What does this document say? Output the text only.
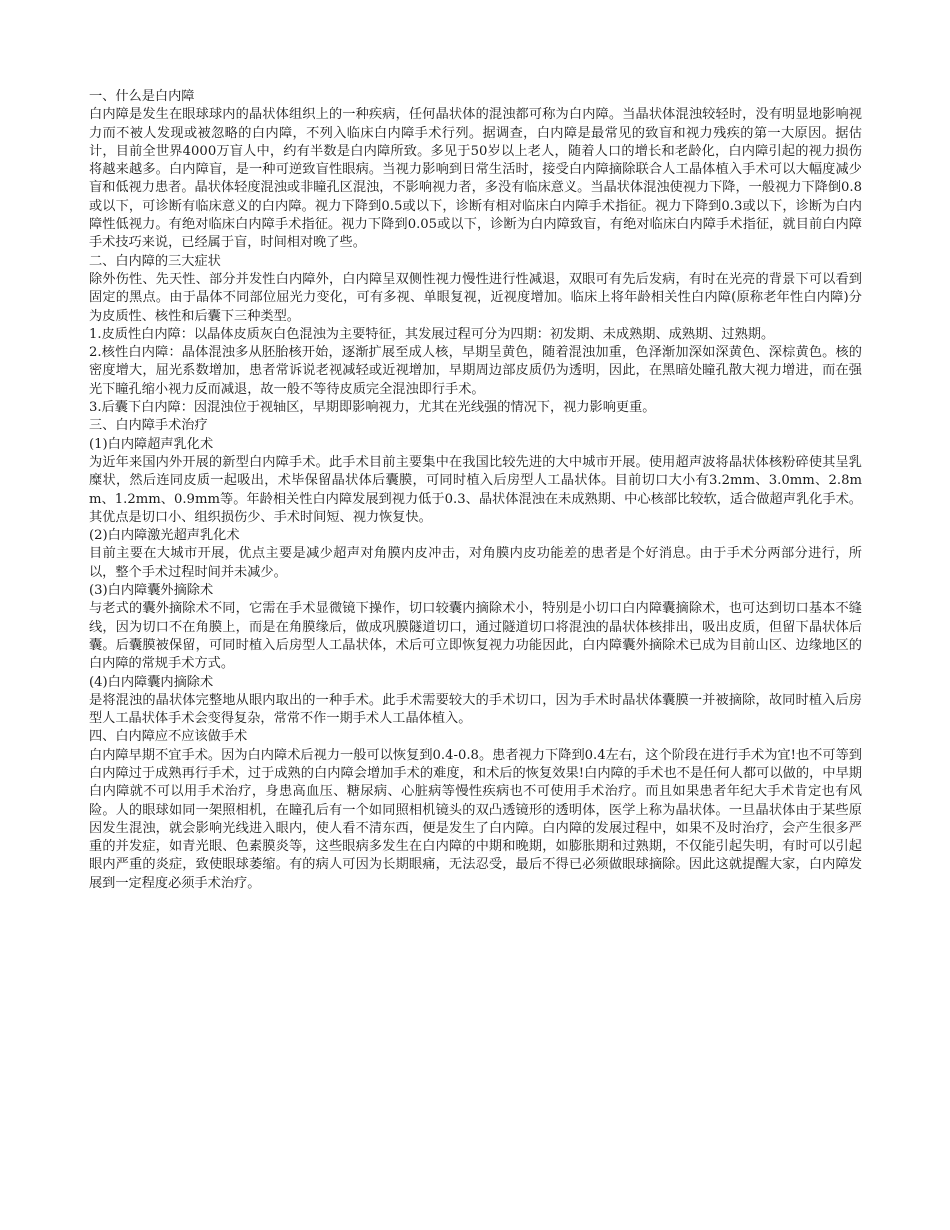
一、什么是白内障

白内障是发生在眼球球内的晶状体组织上的一种疾病，任何晶状体的混浊都可称为白内障。当晶状体混浊较轻时，没有明显地影响视力而不被人发现或被忽略的白内障，不列入临床白内障手术行列。据调查，白内障是最常见的致盲和视力残疾的第一大原因。据估计，目前全世界4000万盲人中，约有半数是白内障所致。多见于50岁以上老人，随着人口的增长和老龄化，白内障引起的视力损伤将越来越多。白内障盲，是一种可逆致盲性眼病。当视力影响到日常生活时，接受白内障摘除联合人工晶体植入手术可以大幅度减少盲和低视力患者。晶状体轻度混浊或非瞳孔区混浊，不影响视力者，多没有临床意义。当晶状体混浊使视力下降，一般视力下降倒0.8或以下，可诊断有临床意义的白内障。视力下降到0.5或以下，诊断有相对临床白内障手术指征。视力下降到0.3或以下，诊断为白内障性低视力。有绝对临床白内障手术指征。视力下降到0.05或以下，诊断为白内障致盲，有绝对临床白内障手术指征，就目前白内障手术技巧来说，已经属于盲，时间相对晚了些。

二、白内障的三大症状

除外伤性、先天性、部分并发性白内障外，白内障呈双侧性视力慢性进行性减退，双眼可有先后发病，有时在光亮的背景下可以看到固定的黑点。由于晶体不同部位屈光力变化，可有多视、单眼复视，近视度增加。临床上将年龄相关性白内障(原称老年性白内障)分为皮质性、核性和后囊下三种类型。

1.皮质性白内障：以晶体皮质灰白色混浊为主要特征，其发展过程可分为四期：初发期、未成熟期、成熟期、过熟期。

2.核性白内障：晶体混浊多从胚胎核开始，逐渐扩展至成人核，早期呈黄色，随着混浊加重，色泽渐加深如深黄色、深棕黄色。核的密度增大，屈光系数增加，患者常诉说老视减轻或近视增加，早期周边部皮质仍为透明，因此，在黑暗处瞳孔散大视力增进，而在强光下瞳孔缩小视力反而减退，故一般不等待皮质完全混浊即行手术。

3.后囊下白内障：因混浊位于视轴区，早期即影响视力，尤其在光线强的情况下，视力影响更重。

三、白内障手术治疗

(1)白内障超声乳化术

为近年来国内外开展的新型白内障手术。此手术目前主要集中在我国比较先进的大中城市开展。使用超声波将晶状体核粉碎使其呈乳糜状，然后连同皮质一起吸出，术毕保留晶状体后囊膜，可同时植入后房型人工晶状体。目前切口大小有3.2mm、3.0mm、2.8mm、1.2mm、0.9mm等。年龄相关性白内障发展到视力低于0.3、晶状体混浊在未成熟期、中心核部比较软，适合做超声乳化手术。其优点是切口小、组织损伤少、手术时间短、视力恢复快。

(2)白内障激光超声乳化术

目前主要在大城市开展，优点主要是减少超声对角膜内皮冲击，对角膜内皮功能差的患者是个好消息。由于手术分两部分进行，所以，整个手术过程时间并未减少。

(3)白内障囊外摘除术

与老式的囊外摘除术不同，它需在手术显微镜下操作，切口较囊内摘除术小，特别是小切口白内障囊摘除术，也可达到切口基本不缝线，因为切口不在角膜上，而是在角膜缘后，做成巩膜隧道切口，通过隧道切口将混浊的晶状体核排出，吸出皮质，但留下晶状体后囊。后囊膜被保留，可同时植入后房型人工晶状体，术后可立即恢复视力功能因此，白内障囊外摘除术已成为目前山区、边缘地区的白内障的常规手术方式。

(4)白内障囊内摘除术

是将混浊的晶状体完整地从眼内取出的一种手术。此手术需要较大的手术切口，因为手术时晶状体囊膜一并被摘除，故同时植入后房型人工晶状体手术会变得复杂，常常不作一期手术人工晶体植入。

四、白内障应不应该做手术

白内障早期不宜手术。因为白内障术后视力一般可以恢复到0.4-0.8。患者视力下降到0.4左右，这个阶段在进行手术为宜!也不可等到白内障过于成熟再行手术，过于成熟的白内障会增加手术的难度，和术后的恢复效果!白内障的手术也不是任何人都可以做的，中早期白内障就不可以用手术治疗，身患高血压、糖尿病、心脏病等慢性疾病也不可使用手术治疗。而且如果患者年纪大手术肯定也有风险。人的眼球如同一架照相机，在瞳孔后有一个如同照相机镜头的双凸透镜形的透明体，医学上称为晶状体。一旦晶状体由于某些原因发生混浊，就会影响光线进入眼内，使人看不清东西，便是发生了白内障。白内障的发展过程中，如果不及时治疗，会产生很多严重的并发症，如青光眼、色素膜炎等，这些眼病多发生在白内障的中期和晚期，如膨胀期和过熟期，不仅能引起失明，有时可以引起眼内严重的炎症，致使眼球萎缩。有的病人可因为长期眼痛，无法忍受，最后不得已必须做眼球摘除。因此这就提醒大家，白内障发展到一定程度必须手术治疗。
